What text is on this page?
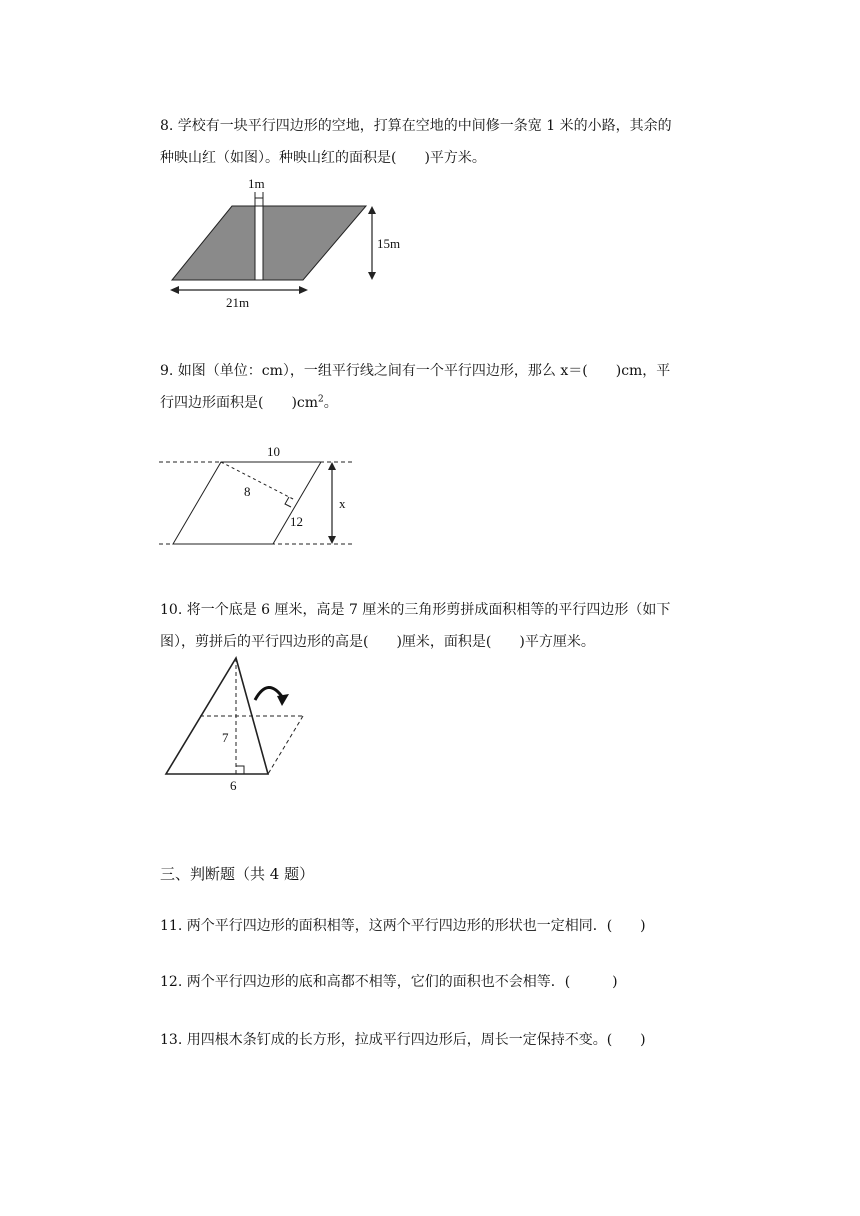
8. 学校有一块平行四边形的空地，打算在空地的中间修一条宽 1 米的小路，其余的
种映山红（如图）。种映山红的面积是(　　)平方米。
1m
15m
21m
9. 如图（单位：cm），一组平行线之间有一个平行四边形，那么 x＝(　　)cm，平
行四边形面积是(　　)$cm^2$。
10
8
12
x
10. 将一个底是 6 厘米，高是 7 厘米的三角形剪拼成面积相等的平行四边形（如下
图），剪拼后的平行四边形的高是(　　)厘米，面积是(　　)平方厘米。
7
6
三、判断题（共 4 题）
11. 两个平行四边形的面积相等，这两个平行四边形的形状也一定相同．(　　)
12. 两个平行四边形的底和高都不相等，它们的面积也不会相等．(　　　)
13. 用四根木条钉成的长方形，拉成平行四边形后，周长一定保持不变。(　　)
